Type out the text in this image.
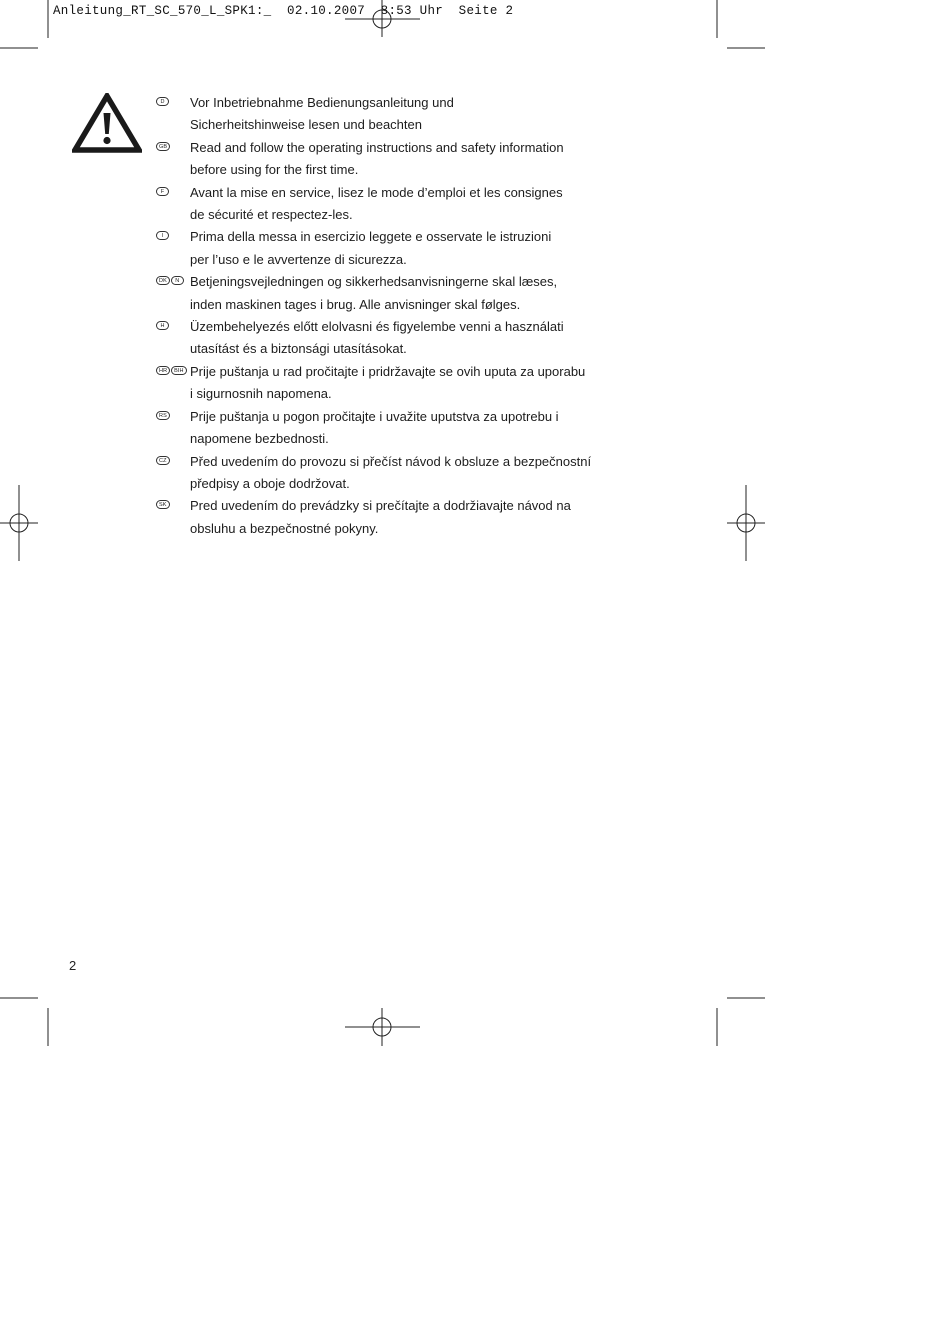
Anleitung_RT_SC_570_L_SPK1:_  02.10.2007  8:53 Uhr  Seite 2
D	Vor Inbetriebnahme Bedienungsanleitung und
Sicherheitshinweise lesen und beachten
GB Read and follow the operating instructions and safety information
before using for the first time.
F	Avant la mise en service, lisez le mode d’emploi et les consignes
de sécurité et respectez-les.
I	Prima della messa in esercizio leggete e osservate le istruzioni
per l’uso e le avvertenze di sicurezza.
DK	N Betjeningsvejledningen og sikkerhedsanvisningerne skal læses,
inden maskinen tages i brug. Alle anvisninger skal følges.
H	Üzembehelyezés előtt elolvasni és figyelembe venni a használati
utasítást és a biztonsági utasításokat.
HR	BIH Prije puštanja u rad pročitajte i pridržavajte se ovih uputa za uporabu
i sigurnosnih napomena.
RS Prije puštanja u pogon pročitajte i uvažite uputstva za upotrebu i
napomene bezbednosti.
CZ Před uvedením do provozu si přečíst návod k obsluze a bezpečnostní
předpisy a oboje dodržovat.
SK Pred uvedením do prevádzky si prečítajte a dodržiavajte návod na
obsluhu a bezpečnostné pokyny.
2
